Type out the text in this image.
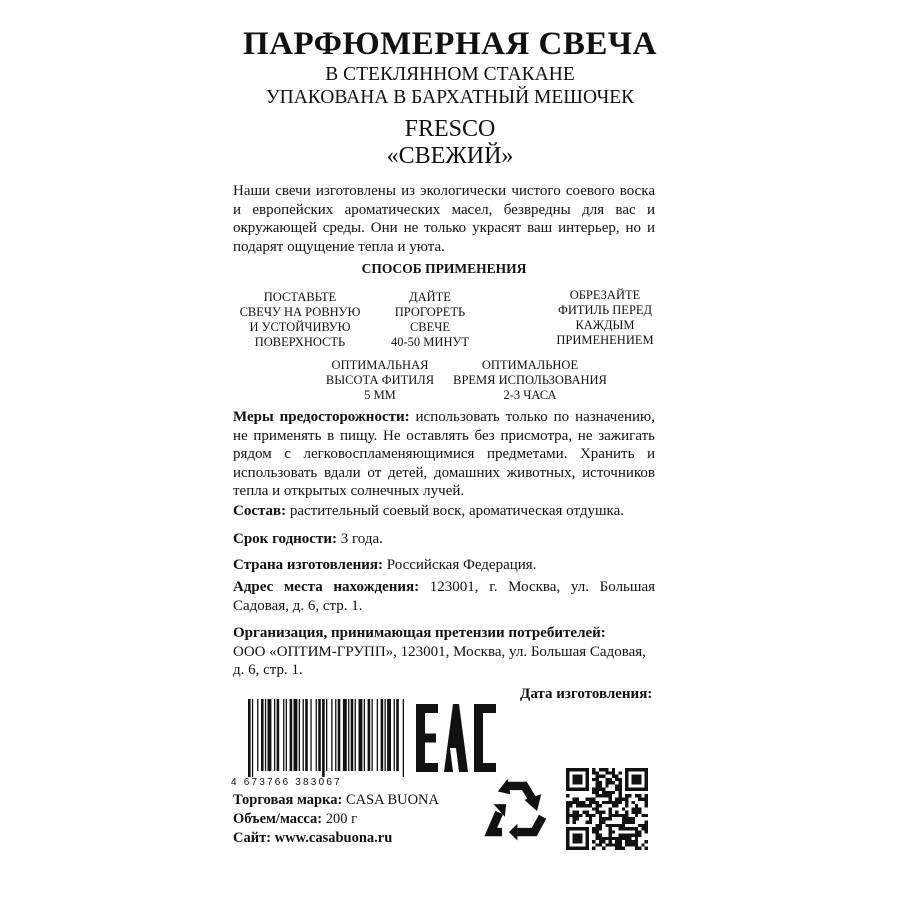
ПАРФЮМЕРНАЯ СВЕЧА
В СТЕКЛЯННОМ СТАКАНЕ
УПАКОВАНА В БАРХАТНЫЙ МЕШОЧЕК
FRESCO
«СВЕЖИЙ»
Наши свечи изготовлены из экологически чистого соевого воска и европейских ароматических масел, безвредны для вас и окружающей среды. Они не только украсят ваш интерьер, но и подарят ощущение тепла и уюта.
СПОСОБ ПРИМЕНЕНИЯ
ПОСТАВЬТЕ
СВЕЧУ НА РОВНУЮ
И УСТОЙЧИВУЮ
ПОВЕРХНОСТЬ
ДАЙТЕ
ПРОГОРЕТЬ
СВЕЧЕ
40-50 МИНУТ
ОБРЕЗАЙТЕ
ФИТИЛЬ ПЕРЕД
КАЖДЫМ
ПРИМЕНЕНИЕМ
ОПТИМАЛЬНАЯ
ВЫСОТА ФИТИЛЯ
5 ММ
ОПТИМАЛЬНОЕ
ВРЕМЯ ИСПОЛЬЗОВАНИЯ
2-3 ЧАСА
Меры предосторожности: использовать только по назначению, не применять в пищу. Не оставлять без присмотра, не зажигать рядом с легковоспламеняющимися предметами. Хранить и использовать вдали от детей, домашних животных, источников тепла и открытых солнечных лучей.
Состав: растительный соевый воск, ароматическая отдушка.
Срок годности: 3 года.
Страна изготовления: Российская Федерация.
Адрес места нахождения: 123001, г. Москва, ул. Большая Садовая, д. 6, стр. 1.
Организация, принимающая претензии потребителей:
ООО «ОПТИМ-ГРУПП», 123001, Москва, ул. Большая Садовая, д. 6, стр. 1.
Дата изготовления:
4 673766 383067
Торговая марка: CASA BUONA
Объем/масса: 200 г
Сайт: www.casabuona.ru
